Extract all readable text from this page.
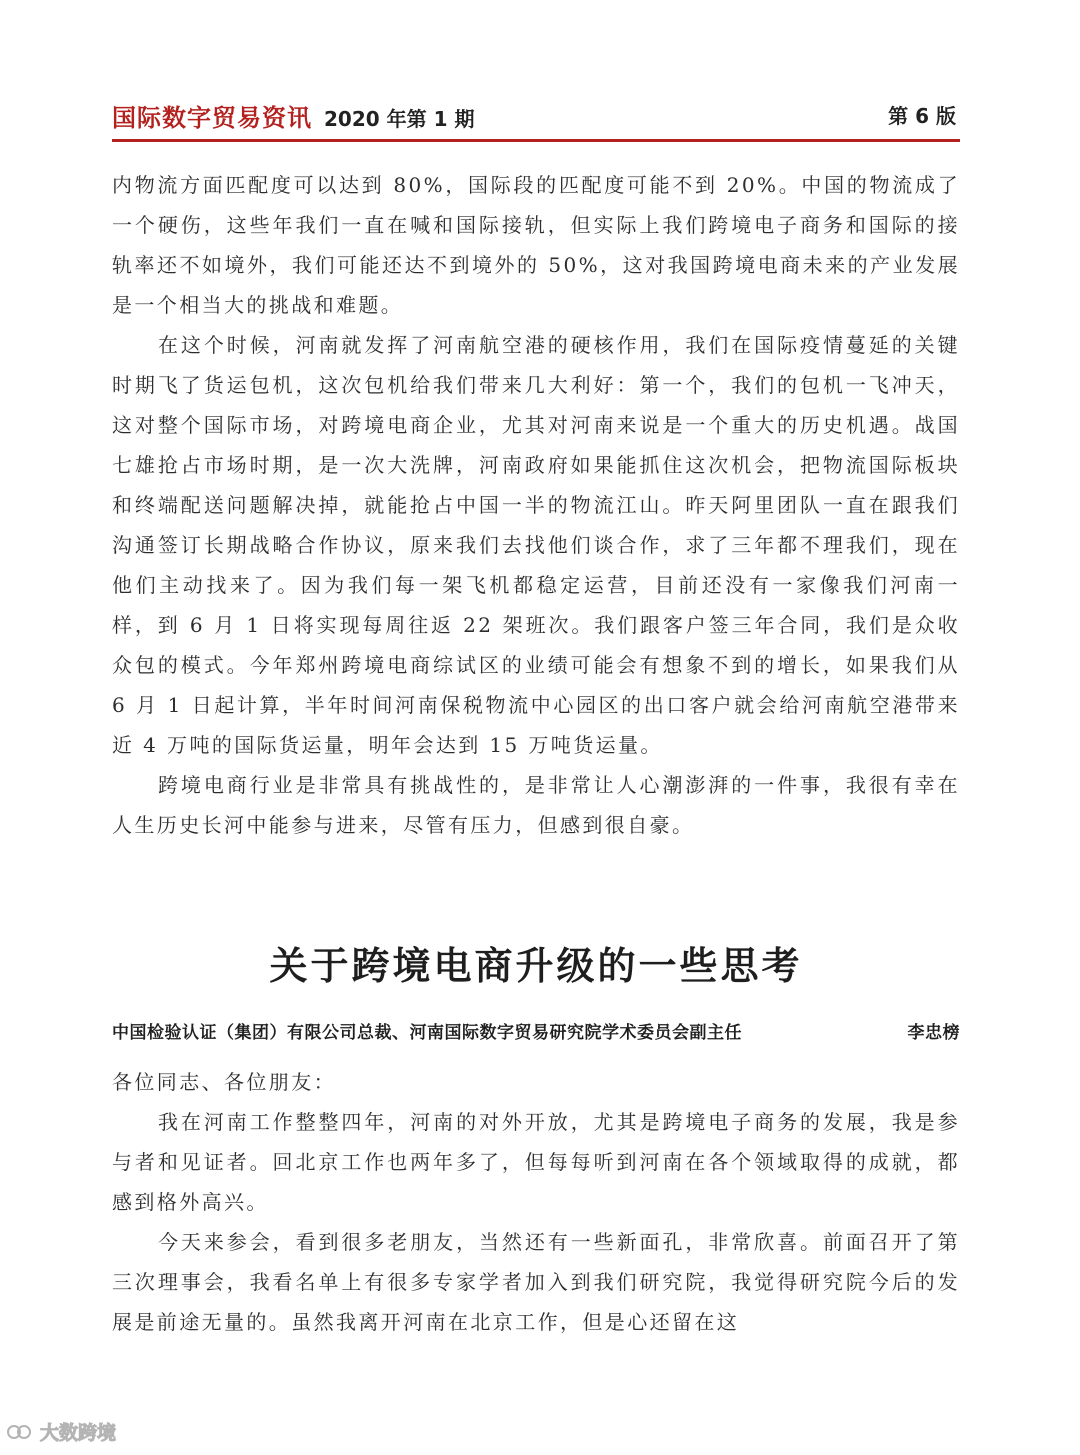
国际数字贸易资讯 2020 年第 1 期	第 6 版

内物流方面匹配度可以达到 80%，国际段的匹配度可能不到 20%。中国的物流成了一个硬伤，这些年我们一直在喊和国际接轨，但实际上我们跨境电子商务和国际的接轨率还不如境外，我们可能还达不到境外的 50%，这对我国跨境电商未来的产业发展是一个相当大的挑战和难题。

在这个时候，河南就发挥了河南航空港的硬核作用，我们在国际疫情蔓延的关键时期飞了货运包机，这次包机给我们带来几大利好：第一个，我们的包机一飞冲天，这对整个国际市场，对跨境电商企业，尤其对河南来说是一个重大的历史机遇。战国七雄抢占市场时期，是一次大洗牌，河南政府如果能抓住这次机会，把物流国际板块和终端配送问题解决掉，就能抢占中国一半的物流江山。昨天阿里团队一直在跟我们沟通签订长期战略合作协议，原来我们去找他们谈合作，求了三年都不理我们，现在他们主动找来了。因为我们每一架飞机都稳定运营，目前还没有一家像我们河南一样，到 6 月 1 日将实现每周往返 22 架班次。我们跟客户签三年合同，我们是众收众包的模式。今年郑州跨境电商综试区的业绩可能会有想象不到的增长，如果我们从 6 月 1 日起计算，半年时间河南保税物流中心园区的出口客户就会给河南航空港带来近 4 万吨的国际货运量，明年会达到 15 万吨货运量。

跨境电商行业是非常具有挑战性的，是非常让人心潮澎湃的一件事，我很有幸在人生历史长河中能参与进来，尽管有压力，但感到很自豪。

关于跨境电商升级的一些思考
中国检验认证（集团）有限公司总裁、河南国际数字贸易研究院学术委员会副主任	李忠榜

各位同志、各位朋友：

我在河南工作整整四年，河南的对外开放，尤其是跨境电子商务的发展，我是参与者和见证者。回北京工作也两年多了，但每每听到河南在各个领域取得的成就，都感到格外高兴。

今天来参会，看到很多老朋友，当然还有一些新面孔，非常欣喜。前面召开了第三次理事会，我看名单上有很多专家学者加入到我们研究院，我觉得研究院今后的发展是前途无量的。虽然我离开河南在北京工作，但是心还留在这

大数跨境
